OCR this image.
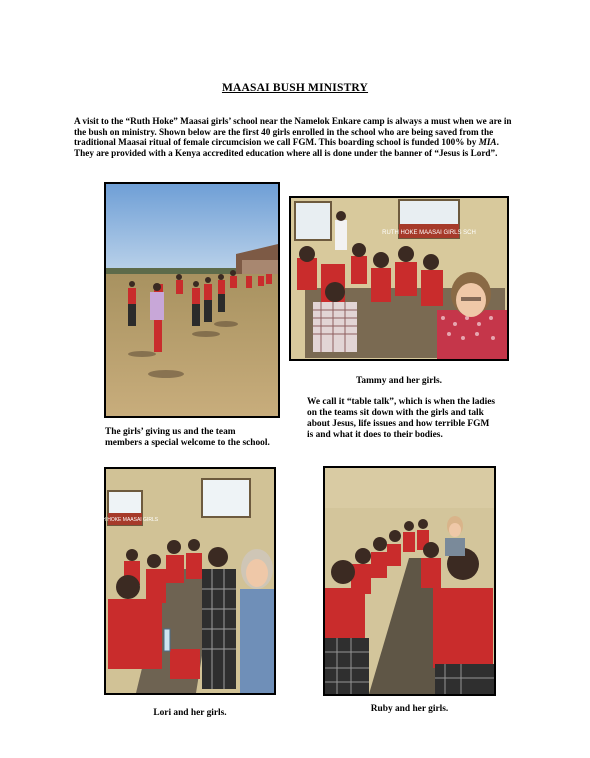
MAASAI BUSH MINISTRY
A visit to the “Ruth Hoke” Maasai girls’ school near the Namelok Enkare camp is always a must when we are in the bush on ministry. Shown below are the first 40 girls enrolled in the school who are being saved from the traditional Maasai ritual of female circumcision we call FGM. This boarding school is funded 100% by MIA. They are provided with a Kenya accredited education where all is done under the banner of “Jesus is Lord”.
The girls’ giving us and the team members a special welcome to the school.
RUTH HOKE MAASAI GIRLS SCH
Tammy and her girls.
We call it “table talk”, which is when the ladies on the teams sit down with the girls and talk about Jesus, life issues and how terrible FGM is and what it does to their bodies.
RUTH HOKE MAASAI GIRLS
Lori and her girls.	Ruby and her girls.
